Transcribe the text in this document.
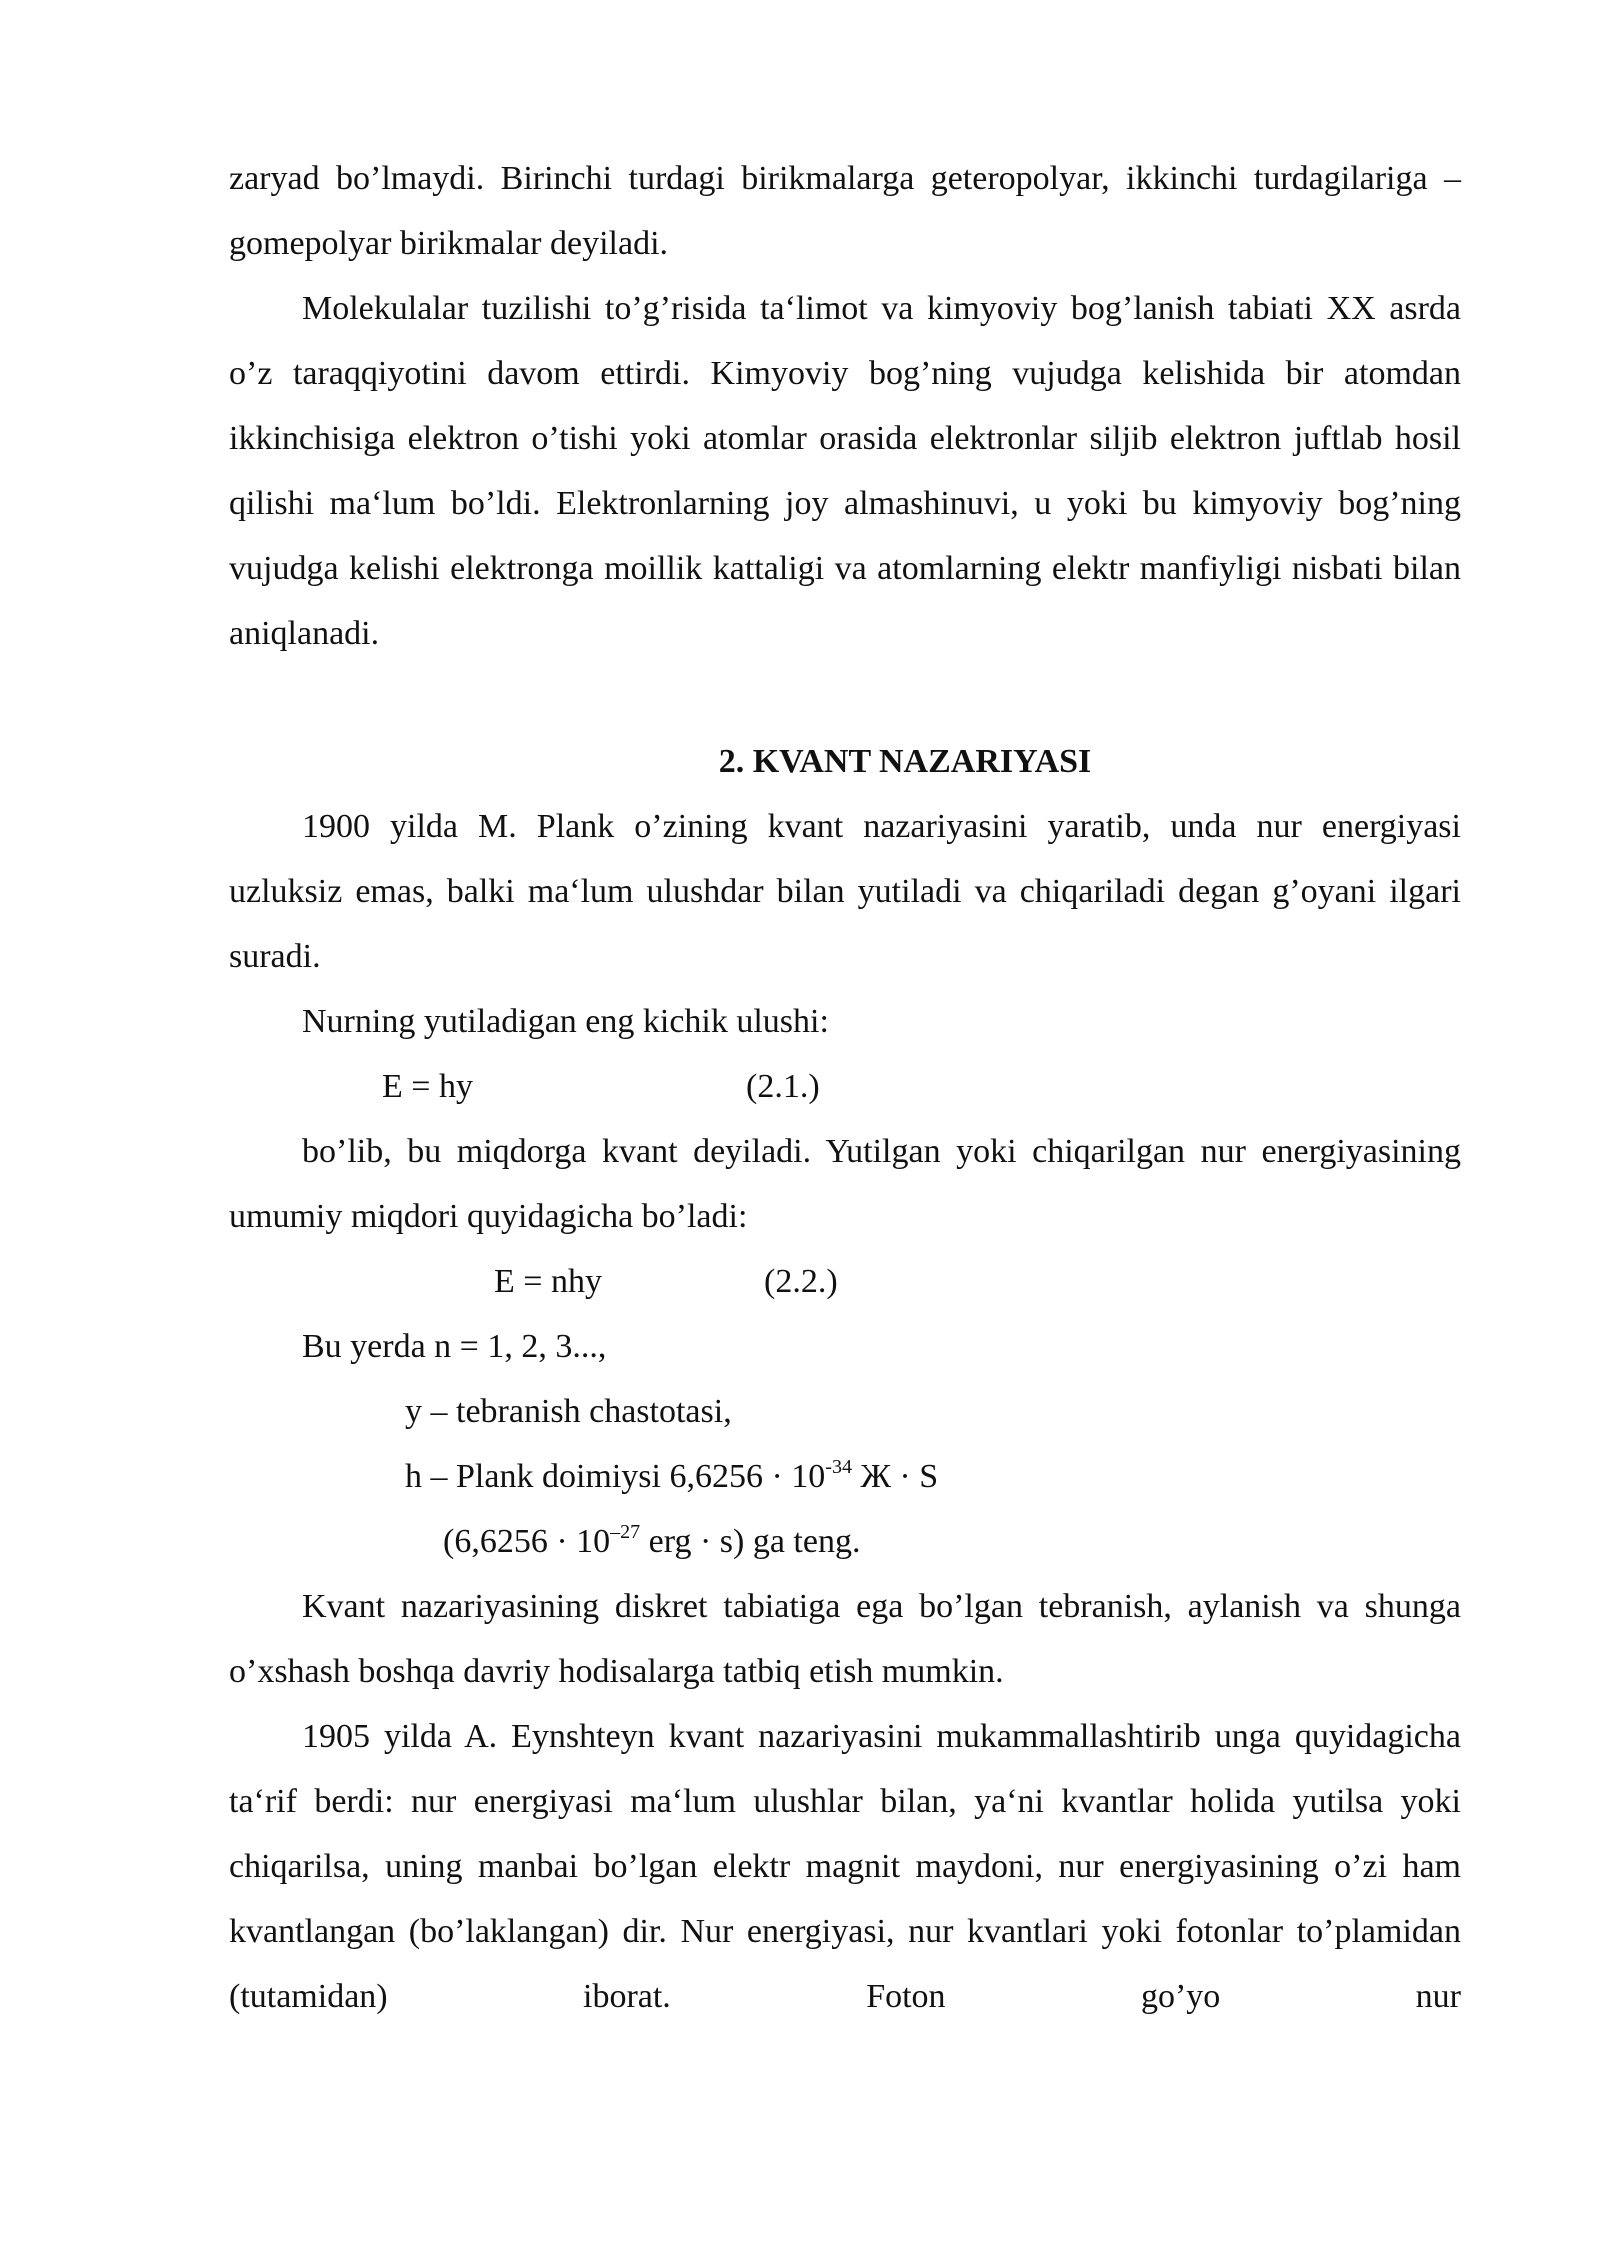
zaryad bo’lmaydi. Birinchi turdagi birikmalarga geteropolyar, ikkinchi turdagilariga – gomepolyar birikmalar deyiladi.

Molekulalar tuzilishi to’g’risida ta‘limot va kimyoviy bog’lanish tabiati XX asrda o’z taraqqiyotini davom ettirdi. Kimyoviy bog’ning vujudga kelishida bir atomdan ikkinchisiga elektron o’tishi yoki atomlar orasida elektronlar siljib elektron juftlab hosil qilishi ma‘lum bo’ldi. Elektronlarning joy almashinuvi, u yoki bu kimyoviy bog’ning vujudga kelishi elektronga moillik kattaligi va atomlarning elektr manfiyligi nisbati bilan aniqlanadi.

2. KVANT NAZARIYASI

1900 yilda M. Plank o’zining kvant nazariyasini yaratib, unda nur energiyasi uzluksiz emas, balki ma‘lum ulushdar bilan yutiladi va chiqariladi degan g’oyani ilgari suradi.

Nurning yutiladigan eng kichik ulushi:

E = hy

	(2.1.)

bo’lib, bu miqdorga kvant deyiladi. Yutilgan yoki chiqarilgan nur energiyasining umumiy miqdori quyidagicha bo’ladi:

E = nhy

	(2.2.)

Bu yerda n = 1, 2, 3...,

y – tebranish chastotasi,

h – Plank doimiysi $6,6256 \cdot 10^{-34}$ Ж · S

($6,6256 \cdot 10^{-27}$ erg · s) ga teng.

Kvant nazariyasining diskret tabiatiga ega bo’lgan tebranish, aylanish va shunga o’xshash boshqa davriy hodisalarga tatbiq etish mumkin.

1905 yilda A. Eynshteyn kvant nazariyasini mukammallashtirib unga quyidagicha ta‘rif berdi: nur energiyasi ma‘lum ulushlar bilan, ya‘ni kvantlar holida yutilsa yoki chiqarilsa, uning manbai bo’lgan elektr magnit maydoni, nur energiyasining o’zi ham kvantlangan (bo’laklangan) dir. Nur energiyasi, nur kvantlari yoki fotonlar to’plamidan (tutamidan) iborat. Foton go’yo nur
